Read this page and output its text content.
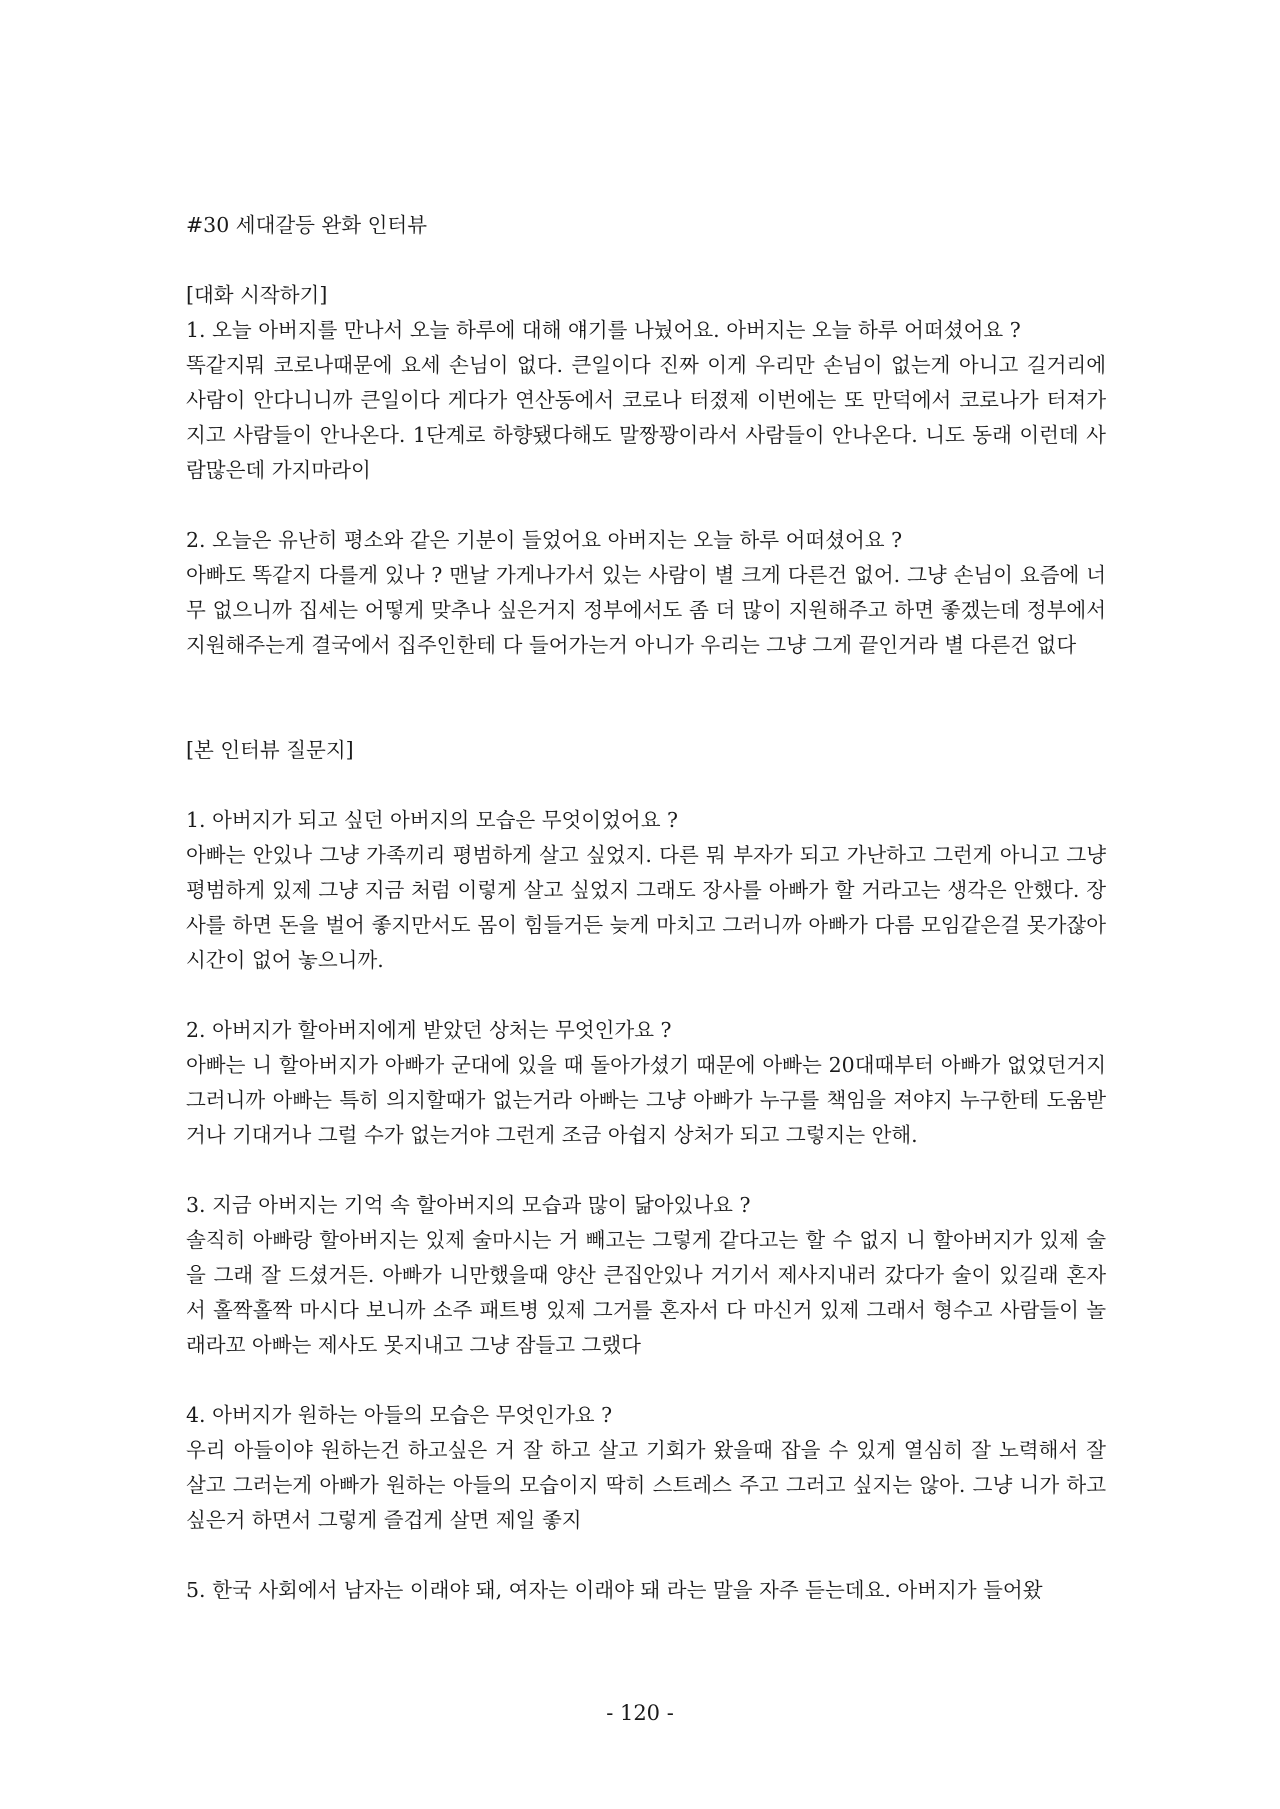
#30 세대갈등 완화 인터뷰

[대화 시작하기]

1. 오늘 아버지를 만나서 오늘 하루에 대해 얘기를 나눴어요. 아버지는 오늘 하루 어떠셨어요 ?

똑같지뭐 코로나때문에 요세 손님이 없다. 큰일이다 진짜 이게 우리만 손님이 없는게 아니고 길거리에 사람이 안다니니까 큰일이다 게다가 연산동에서 코로나 터졌제 이번에는 또 만덕에서 코로나가 터져가지고 사람들이 안나온다. 1단계로 하향됐다해도 말짱꽝이라서 사람들이 안나온다. 니도 동래 이런데 사람많은데 가지마라이

2. 오늘은 유난히 평소와 같은 기분이 들었어요 아버지는 오늘 하루 어떠셨어요 ?

아빠도 똑같지 다를게 있나 ? 맨날 가게나가서 있는 사람이 별 크게 다른건 없어. 그냥 손님이 요즘에 너무 없으니까 집세는 어떻게 맞추나 싶은거지 정부에서도 좀 더 많이 지원해주고 하면 좋겠는데 정부에서 지원해주는게 결국에서 집주인한테 다 들어가는거 아니가 우리는 그냥 그게 끝인거라 별 다른건 없다

[본 인터뷰 질문지]

1. 아버지가 되고 싶던 아버지의 모습은 무엇이었어요 ?

아빠는 안있나 그냥 가족끼리 평범하게 살고 싶었지. 다른 뭐 부자가 되고 가난하고 그런게 아니고 그냥 평범하게 있제 그냥 지금 처럼 이렇게 살고 싶었지 그래도 장사를 아빠가 할 거라고는 생각은 안했다. 장사를 하면 돈을 벌어 좋지만서도 몸이 힘들거든 늦게 마치고 그러니까 아빠가 다름 모임같은걸 못가잖아 시간이 없어 놓으니까.

2. 아버지가 할아버지에게 받았던 상처는 무엇인가요 ?

아빠는 니 할아버지가 아빠가 군대에 있을 때 돌아가셨기 때문에 아빠는 20대때부터 아빠가 없었던거지 그러니까 아빠는 특히 의지할때가 없는거라 아빠는 그냥 아빠가 누구를 책임을 져야지 누구한테 도움받거나 기대거나 그럴 수가 없는거야 그런게 조금 아쉽지 상처가 되고 그렇지는 안해.

3. 지금 아버지는 기억 속 할아버지의 모습과 많이 닮아있나요 ?

솔직히 아빠랑 할아버지는 있제 술마시는 거 빼고는 그렇게 같다고는 할 수 없지 니 할아버지가 있제 술을 그래 잘 드셨거든. 아빠가 니만했을때 양산 큰집안있나 거기서 제사지내러 갔다가 술이 있길래 혼자서 홀짝홀짝 마시다 보니까 소주 패트병 있제 그거를 혼자서 다 마신거 있제 그래서 형수고 사람들이 놀래라꼬 아빠는 제사도 못지내고 그냥 잠들고 그랬다

4. 아버지가 원하는 아들의 모습은 무엇인가요 ?

우리 아들이야 원하는건 하고싶은 거 잘 하고 살고 기회가 왔을때 잡을 수 있게 열심히 잘 노력해서 잘 살고 그러는게 아빠가 원하는 아들의 모습이지 딱히 스트레스 주고 그러고 싶지는 않아. 그냥 니가 하고싶은거 하면서 그렇게 즐겁게 살면 제일 좋지

5. 한국 사회에서 남자는 이래야 돼, 여자는 이래야 돼 라는 말을 자주 듣는데요. 아버지가 들어왔

- 120 -
